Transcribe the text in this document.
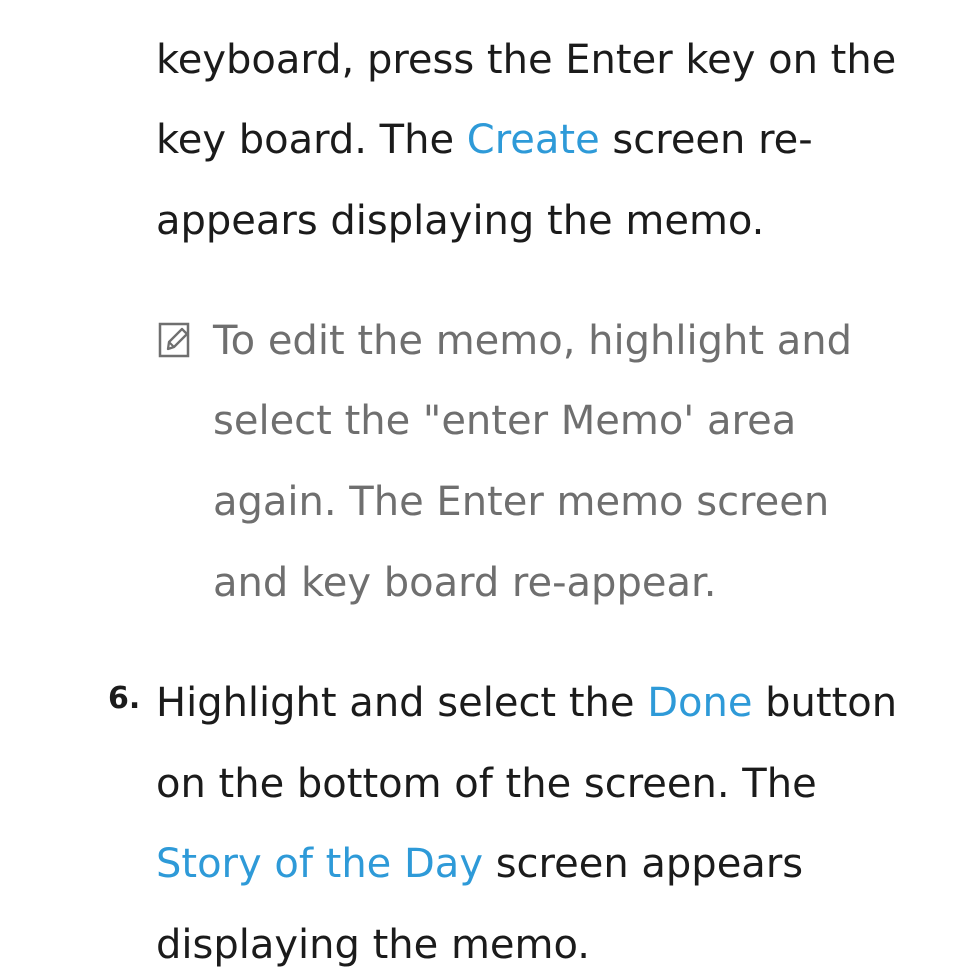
keyboard, press the Enter key on the
key board. The Create screen re-
appears displaying the memo.
To edit the memo, highlight and
select the "enter Memo' area
again. The Enter memo screen
and key board re-appear.
6. Highlight and select the Done button
on the bottom of the screen. The
Story of the Day screen appears
displaying the memo.
